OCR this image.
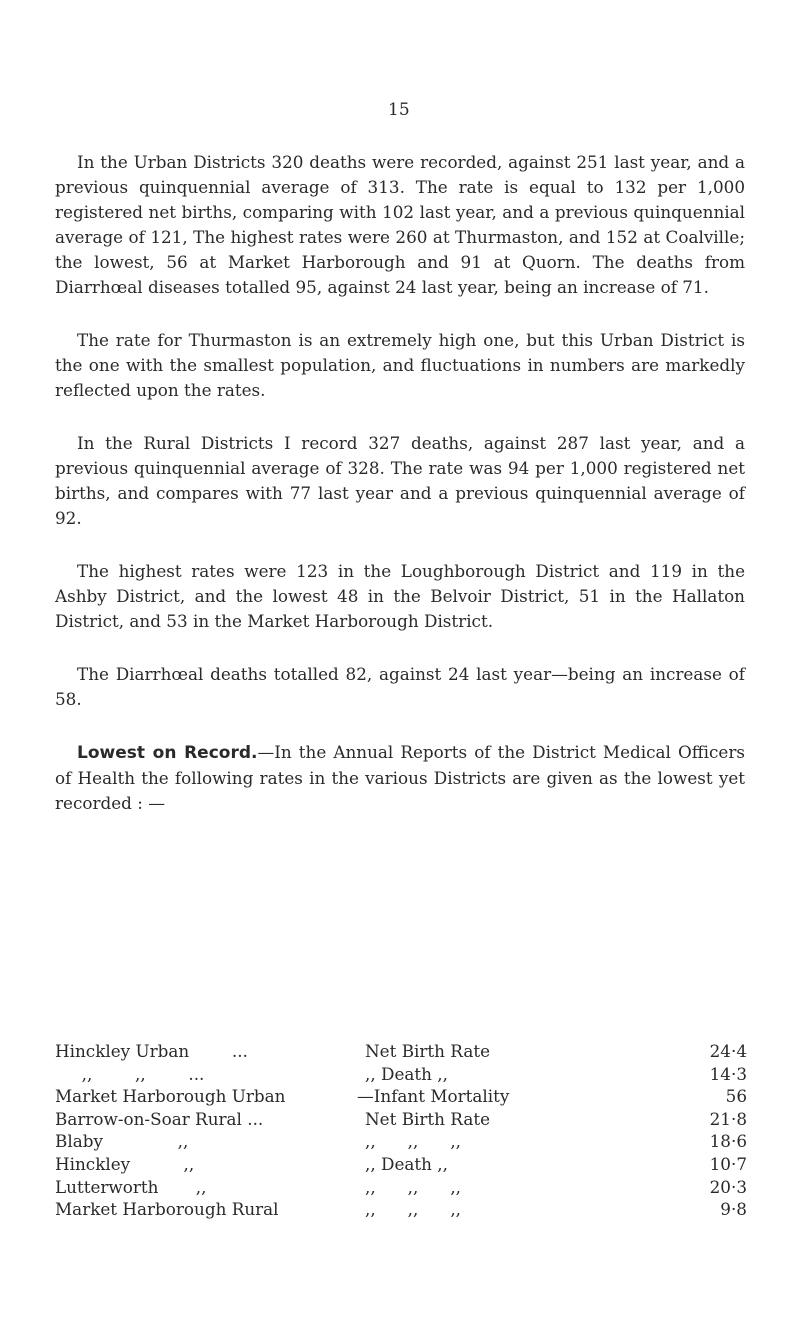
15

In the Urban Districts 320 deaths were recorded, against 251 last year, and a previous quinquennial average of 313. The rate is equal to 132 per 1,000 registered net births, comparing with 102 last year, and a previous quinquennial average of 121, The highest rates were 260 at Thurmaston, and 152 at Coalville; the lowest, 56 at Market Harborough and 91 at Quorn. The deaths from Diarrhœal diseases totalled 95, against 24 last year, being an increase of 71.

The rate for Thurmaston is an extremely high one, but this Urban District is the one with the smallest population, and fluctuations in numbers are markedly reflected upon the rates.

In the Rural Districts I record 327 deaths, against 287 last year, and a previous quinquennial average of 328. The rate was 94 per 1,000 registered net births, and compares with 77 last year and a previous quinquennial average of 92.

The highest rates were 123 in the Loughborough District and 119 in the Ashby District, and the lowest 48 in the Belvoir District, 51 in the Hallaton District, and 53 in the Market Harborough District.

The Diarrhœal deaths totalled 82, against 24 last year—being an increase of 58.

Lowest on Record.—In the Annual Reports of the District Medical Officers of Health the following rates in the various Districts are given as the lowest yet recorded : —

Hinckley Urban        ...	Net Birth Rate	24·4
,,        ,,        ...	,, Death ,,	14·3
Market Harborough Urban	—Infant Mortality	56
Barrow-on-Soar Rural ...	Net Birth Rate	21·8
Blaby              ,,	,,      ,,      ,,	18·6
Hinckley          ,,	,, Death ,,	10·7
Lutterworth       ,,	,,      ,,      ,,	20·3
Market Harborough Rural	,,      ,,      ,,	9·8
